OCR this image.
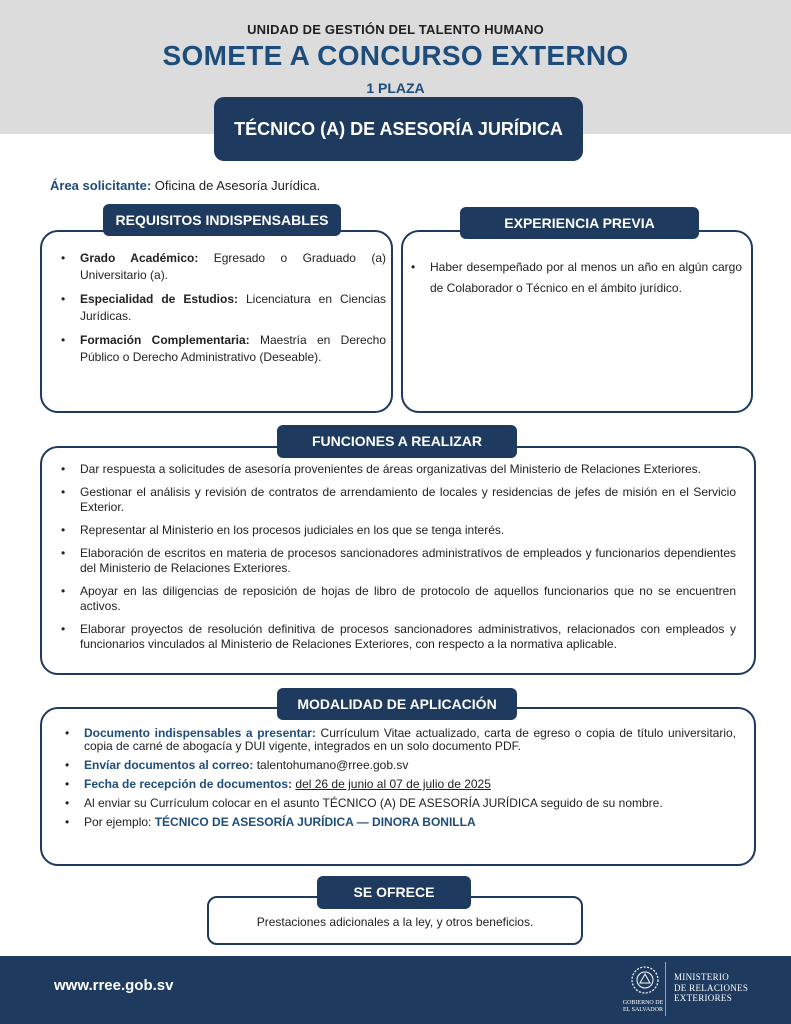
UNIDAD DE GESTIÓN DEL TALENTO HUMANO
SOMETE A CONCURSO EXTERNO
1 PLAZA
TÉCNICO (A) DE ASESORÍA JURÍDICA
Área solicitante: Oficina de Asesoría Jurídica.
REQUISITOS INDISPENSABLES
• Grado Académico: Egresado o Graduado (a) Universitario (a).
• Especialidad de Estudios: Licenciatura en Ciencias Jurídicas.
• Formación Complementaria: Maestría en Derecho Público o Derecho Administrativo (Deseable).
EXPERIENCIA PREVIA
• Haber desempeñado por al menos un año en algún cargo de Colaborador o Técnico en el ámbito jurídico.
FUNCIONES A REALIZAR
• Dar respuesta a solicitudes de asesoría provenientes de áreas organizativas del Ministerio de Relaciones Exteriores.
• Gestionar el análisis y revisión de contratos de arrendamiento de locales y residencias de jefes de misión en el Servicio Exterior.
• Representar al Ministerio en los procesos judiciales en los que se tenga interés.
• Elaboración de escritos en materia de procesos sancionadores administrativos de empleados y funcionarios dependientes del Ministerio de Relaciones Exteriores.
• Apoyar en las diligencias de reposición de hojas de libro de protocolo de aquellos funcionarios que no se encuentren activos.
• Elaborar proyectos de resolución definitiva de procesos sancionadores administrativos, relacionados con empleados y funcionarios vinculados al Ministerio de Relaciones Exteriores, con respecto a la normativa aplicable.
MODALIDAD DE APLICACIÓN
• Documento indispensables a presentar: Currículum Vitae actualizado, carta de egreso o copia de título universitario, copia de carné de abogacía y DUI vigente, integrados en un solo documento PDF.
• Envíar documentos al correo: talentohumano@rree.gob.sv
• Fecha de recepción de documentos: del 26 de junio al 07 de julio de 2025
• Al enviar su Currículum colocar en el asunto TÉCNICO (A) DE ASESORÍA JURÍDICA seguido de su nombre.
• Por ejemplo: TÉCNICO DE ASESORÍA JURÍDICA — DINORA BONILLA
SE OFRECE
Prestaciones adicionales a la ley, y otros beneficios.
www.rree.gob.sv
GOBIERNO DE
EL SALVADOR
MINISTERIO
DE RELACIONES
EXTERIORES
